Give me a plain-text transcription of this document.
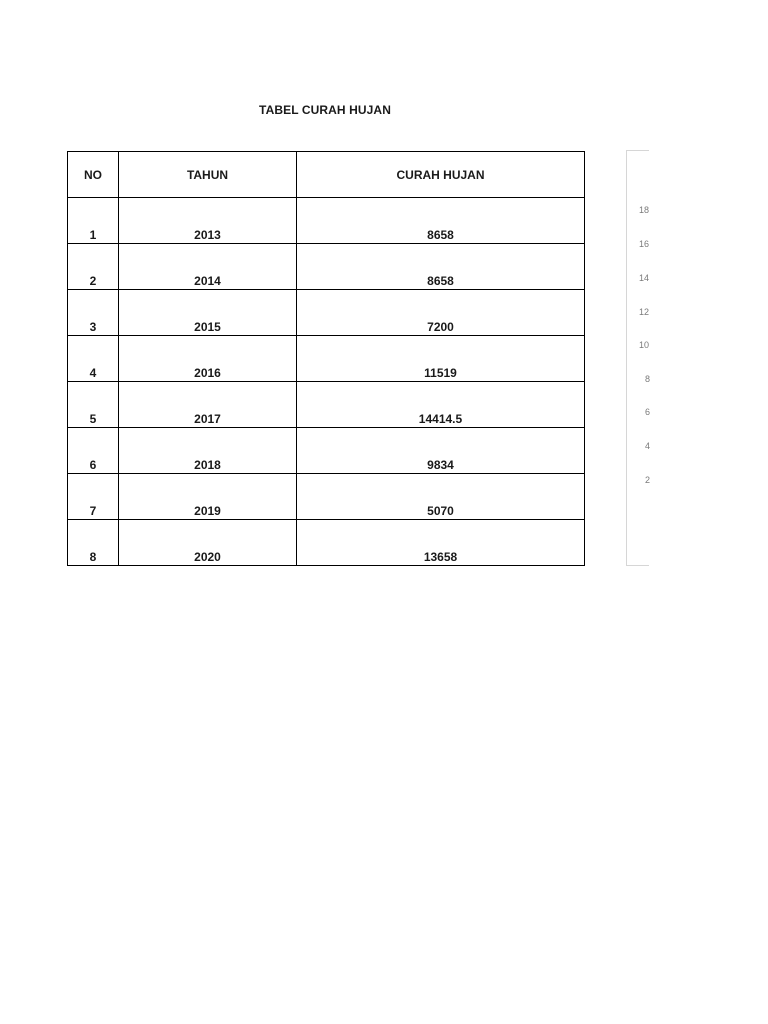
TABEL CURAH HUJAN
NO	TAHUN	CURAH HUJAN
1	2013	8658
2	2014	8658
3	2015	7200
4	2016	11519
5	2017	14414.5
6	2018	9834
7	2019	5070
8	2020	13658
18
16
14
12
10
8
6
4
2
